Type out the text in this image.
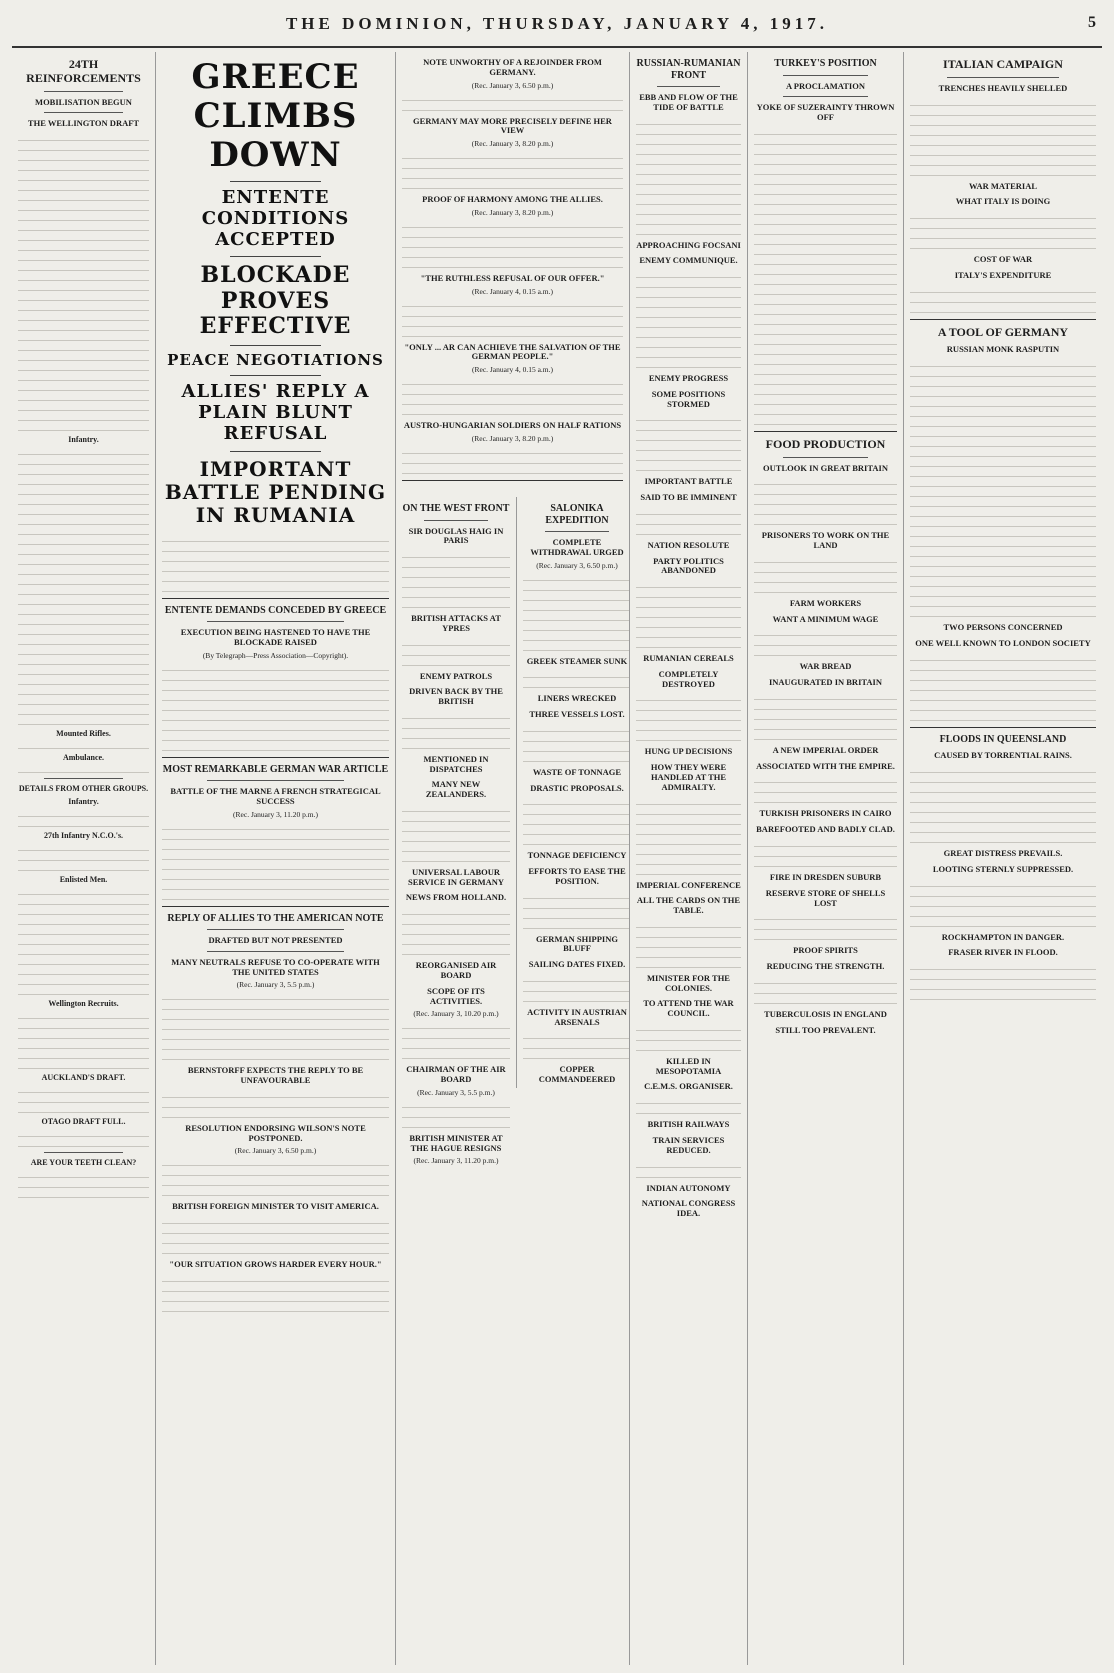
THE DOMINION, THURSDAY, JANUARY 4, 1917.	5
24TH REINFORCEMENTS
MOBILISATION BEGUN
THE WELLINGTON DRAFT
Infantry.
Mounted Rifles.
Ambulance.
DETAILS FROM OTHER GROUPS.
Infantry.
27th Infantry N.C.O.'s.
Enlisted Men.
Wellington Recruits.
AUCKLAND'S DRAFT.
OTAGO DRAFT FULL.
ARE YOUR TEETH CLEAN?
GREECE CLIMBS DOWN
ENTENTE CONDITIONS ACCEPTED
BLOCKADE PROVES EFFECTIVE
PEACE NEGOTIATIONS
ALLIES' REPLY A PLAIN BLUNT REFUSAL
IMPORTANT BATTLE PENDING IN RUMANIA
ENTENTE DEMANDS CONCEDED BY GREECE
EXECUTION BEING HASTENED TO HAVE THE BLOCKADE RAISED
(By Telegraph—Press Association—Copyright).
MOST REMARKABLE GERMAN WAR ARTICLE
BATTLE OF THE MARNE A FRENCH STRATEGICAL SUCCESS
(Rec. January 3, 11.20 p.m.)
REPLY OF ALLIES TO THE AMERICAN NOTE
DRAFTED BUT NOT PRESENTED
MANY NEUTRALS REFUSE TO CO-OPERATE WITH THE UNITED STATES
(Rec. January 3, 5.5 p.m.)
BERNSTORFF EXPECTS THE REPLY TO BE UNFAVOURABLE
RESOLUTION ENDORSING WILSON'S NOTE POSTPONED.
(Rec. January 3, 6.50 p.m.)
BRITISH FOREIGN MINISTER TO VISIT AMERICA.
"OUR SITUATION GROWS HARDER EVERY HOUR."
NOTE UNWORTHY OF A REJOINDER FROM GERMANY.
(Rec. January 3, 6.50 p.m.)
GERMANY MAY MORE PRECISELY DEFINE HER VIEW
(Rec. January 3, 8.20 p.m.)
PROOF OF HARMONY AMONG THE ALLIES.
(Rec. January 3, 8.20 p.m.)
"THE RUTHLESS REFUSAL OF OUR OFFER."
(Rec. January 4, 0.15 a.m.)
"ONLY ... AR CAN ACHIEVE THE SALVATION OF THE GERMAN PEOPLE."
(Rec. January 4, 0.15 a.m.)
AUSTRO-HUNGARIAN SOLDIERS ON HALF RATIONS
(Rec. January 3, 8.20 p.m.)
ON THE WEST FRONT
SIR DOUGLAS HAIG IN PARIS
BRITISH ATTACKS AT YPRES
ENEMY PATROLS
DRIVEN BACK BY THE BRITISH
MENTIONED IN DISPATCHES
MANY NEW ZEALANDERS.
UNIVERSAL LABOUR SERVICE IN GERMANY
NEWS FROM HOLLAND.
REORGANISED AIR BOARD
SCOPE OF ITS ACTIVITIES.
(Rec. January 3, 10.20 p.m.)
CHAIRMAN OF THE AIR BOARD
(Rec. January 3, 5.5 p.m.)
BRITISH MINISTER AT THE HAGUE RESIGNS
(Rec. January 3, 11.20 p.m.)
SALONIKA EXPEDITION
COMPLETE WITHDRAWAL URGED
(Rec. January 3, 6.50 p.m.)
GREEK STEAMER SUNK
LINERS WRECKED
THREE VESSELS LOST.
WASTE OF TONNAGE
DRASTIC PROPOSALS.
TONNAGE DEFICIENCY
EFFORTS TO EASE THE POSITION.
GERMAN SHIPPING BLUFF
SAILING DATES FIXED.
ACTIVITY IN AUSTRIAN ARSENALS
COPPER COMMANDEERED
RUSSIAN-RUMANIAN FRONT
EBB AND FLOW OF THE TIDE OF BATTLE
APPROACHING FOCSANI
ENEMY COMMUNIQUE.
ENEMY PROGRESS
SOME POSITIONS STORMED
IMPORTANT BATTLE
SAID TO BE IMMINENT
NATION RESOLUTE
PARTY POLITICS ABANDONED
RUMANIAN CEREALS
COMPLETELY DESTROYED
HUNG UP DECISIONS
HOW THEY WERE HANDLED AT THE ADMIRALTY.
IMPERIAL CONFERENCE
ALL THE CARDS ON THE TABLE.
MINISTER FOR THE COLONIES.
TO ATTEND THE WAR COUNCIL.
KILLED IN MESOPOTAMIA
C.E.M.S. ORGANISER.
BRITISH RAILWAYS
TRAIN SERVICES REDUCED.
INDIAN AUTONOMY
NATIONAL CONGRESS IDEA.
TURKEY'S POSITION
A PROCLAMATION
YOKE OF SUZERAINTY THROWN OFF
FOOD PRODUCTION
OUTLOOK IN GREAT BRITAIN
PRISONERS TO WORK ON THE LAND
FARM WORKERS
WANT A MINIMUM WAGE
WAR BREAD
INAUGURATED IN BRITAIN
A NEW IMPERIAL ORDER
ASSOCIATED WITH THE EMPIRE.
TURKISH PRISONERS IN CAIRO
BAREFOOTED AND BADLY CLAD.
FIRE IN DRESDEN SUBURB
RESERVE STORE OF SHELLS LOST
PROOF SPIRITS
REDUCING THE STRENGTH.
TUBERCULOSIS IN ENGLAND
STILL TOO PREVALENT.
ITALIAN CAMPAIGN
TRENCHES HEAVILY SHELLED
WAR MATERIAL
WHAT ITALY IS DOING
COST OF WAR
ITALY'S EXPENDITURE
A TOOL OF GERMANY
RUSSIAN MONK RASPUTIN
TWO PERSONS CONCERNED
ONE WELL KNOWN TO LONDON SOCIETY
FLOODS IN QUEENSLAND
CAUSED BY TORRENTIAL RAINS.
GREAT DISTRESS PREVAILS.
LOOTING STERNLY SUPPRESSED.
ROCKHAMPTON IN DANGER.
FRASER RIVER IN FLOOD.
